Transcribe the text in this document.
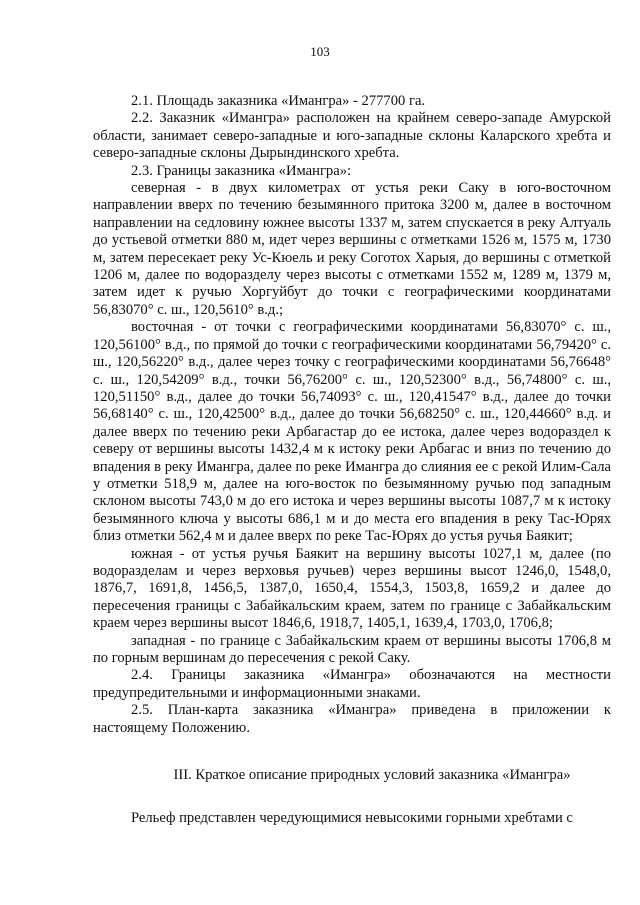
103

2.1. Площадь заказника «Имангра» - 277700 га.

2.2. Заказник «Имангра» расположен на крайнем северо-западе Амурской области, занимает северо-западные и юго-западные склоны Каларского хребта и северо-западные склоны Дырындинского хребта.

2.3. Границы заказника «Имангра»:

северная - в двух километрах от устья реки Саку в юго-восточном направлении вверх по течению безымянного притока 3200 м, далее в восточном направлении на седловину южнее высоты 1337 м, затем спускается в реку Алтуаль до устьевой отметки 880 м, идет через вершины с отметками 1526 м, 1575 м, 1730 м, затем пересекает реку Ус-Кюель и реку Соготох Харыя, до вершины с отметкой 1206 м, далее по водоразделу через высоты с отметками 1552 м, 1289 м, 1379 м, затем идет к ручью Хоргуйбут до точки с географическими координатами 56,83070° с. ш., 120,5610° в.д.;

восточная - от точки с географическими координатами 56,83070° с. ш., 120,56100° в.д., по прямой до точки с географическими координатами 56,79420° с. ш., 120,56220° в.д., далее через точку с географическими координатами 56,76648° с. ш., 120,54209° в.д., точки 56,76200° с. ш., 120,52300° в.д., 56,74800° с. ш., 120,51150° в.д., далее до точки 56,74093° с. ш., 120,41547° в.д., далее до точки 56,68140° с. ш., 120,42500° в.д., далее до точки 56,68250° с. ш., 120,44660° в.д. и далее вверх по течению реки Арбагастар до ее истока, далее через водораздел к северу от вершины высоты 1432,4 м к истоку реки Арбагас и вниз по течению до впадения в реку Имангра, далее по реке Имангра до слияния ее с рекой Илим-Сала у отметки 518,9 м, далее на юго-восток по безымянному ручью под западным склоном высоты 743,0 м до его истока и через вершины высоты 1087,7 м к истоку безымянного ключа у высоты 686,1 м и до места его впадения в реку Тас-Юрях близ отметки 562,4 м и далее вверх по реке Тас-Юрях до устья ручья Баякит;

южная - от устья ручья Баякит на вершину высоты 1027,1 м, далее (по водоразделам и через верховья ручьев) через вершины высот 1246,0, 1548,0, 1876,7, 1691,8, 1456,5, 1387,0, 1650,4, 1554,3, 1503,8, 1659,2 и далее до пересечения границы с Забайкальским краем, затем по границе с Забайкальским краем через вершины высот 1846,6, 1918,7, 1405,1, 1639,4, 1703,0, 1706,8;

западная - по границе с Забайкальским краем от вершины высоты 1706,8 м по горным вершинам до пересечения с рекой Саку.

2.4. Границы заказника «Имангра» обозначаются на местности предупредительными и информационными знаками.

2.5. План-карта заказника «Имангра» приведена в приложении к настоящему Положению.

III. Краткое описание природных условий заказника «Имангра»

Рельеф представлен чередующимися невысокими горными хребтами с
